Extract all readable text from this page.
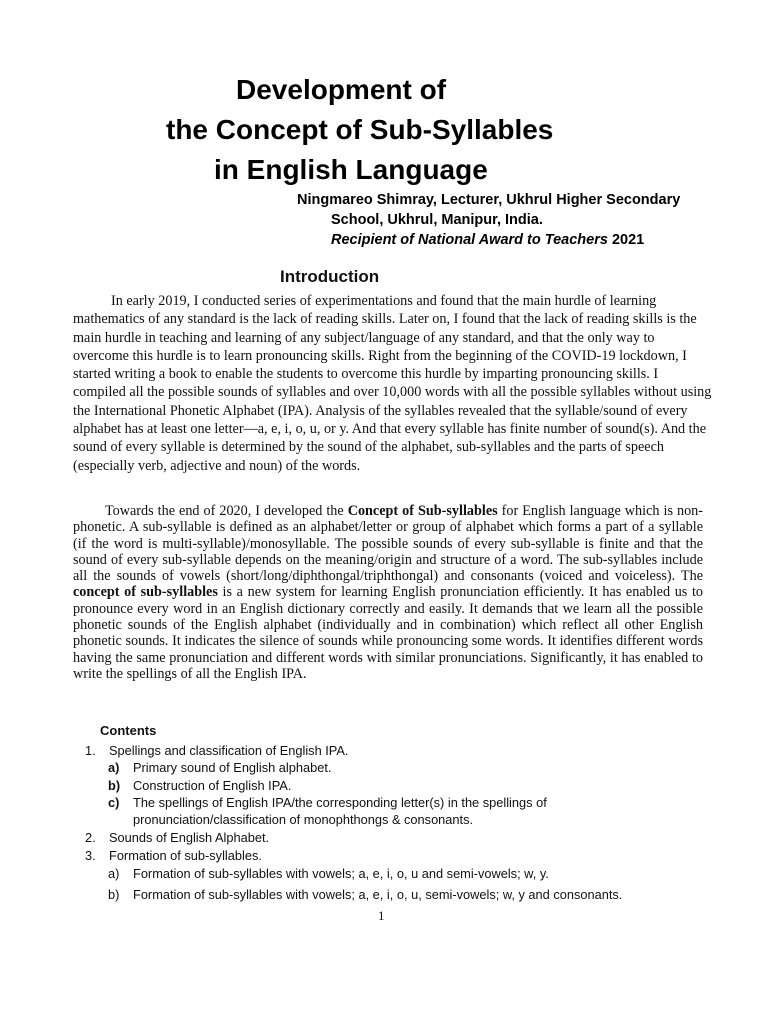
Development of
the Concept of Sub-Syllables
in English Language
Ningmareo Shimray, Lecturer, Ukhrul Higher Secondary
School, Ukhrul, Manipur, India.
Recipient of National Award to Teachers 2021
Introduction

In early 2019, I conducted series of experimentations and found that the main hurdle of learning mathematics of any standard is the lack of reading skills. Later on, I found that the lack of reading skills is the main hurdle in teaching and learning of any subject/language of any standard, and that the only way to overcome this hurdle is to learn pronouncing skills. Right from the beginning of the COVID-19 lockdown, I started writing a book to enable the students to overcome this hurdle by imparting pronouncing skills. I compiled all the possible sounds of syllables and over 10,000 words with all the possible syllables without using the International Phonetic Alphabet (IPA). Analysis of the syllables revealed that the syllable/sound of every alphabet has at least one letter—a, e, i, o, u, or y. And that every syllable has finite number of sound(s). And the sound of every syllable is determined by the sound of the alphabet, sub-syllables and the parts of speech (especially verb, adjective and noun) of the words.

Towards the end of 2020, I developed the Concept of Sub-syllables for English language which is non-phonetic. A sub-syllable is defined as an alphabet/letter or group of alphabet which forms a part of a syllable (if the word is multi-syllable)/monosyllable. The possible sounds of every sub-syllable is finite and that the sound of every sub-syllable depends on the meaning/origin and structure of a word. The sub-syllables include all the sounds of vowels (short/long/diphthongal/triphthongal) and consonants (voiced and voiceless). The concept of sub-syllables is a new system for learning English pronunciation efficiently. It has enabled us to pronounce every word in an English dictionary correctly and easily. It demands that we learn all the possible phonetic sounds of the English alphabet (individually and in combination) which reflect all other English phonetic sounds. It indicates the silence of sounds while pronouncing some words. It identifies different words having the same pronunciation and different words with similar pronunciations. Significantly, it has enabled to write the spellings of all the English IPA.

Contents
1. Spellings and classification of English IPA.
a) Primary sound of English alphabet.
b) Construction of English IPA.
c) The spellings of English IPA/the corresponding letter(s) in the spellings of
pronunciation/classification of monophthongs & consonants.
2. Sounds of English Alphabet.
3. Formation of sub-syllables.
a) Formation of sub-syllables with vowels; a, e, i, o, u and semi-vowels; w, y.
b) Formation of sub-syllables with vowels; a, e, i, o, u, semi-vowels; w, y and consonants.
1
